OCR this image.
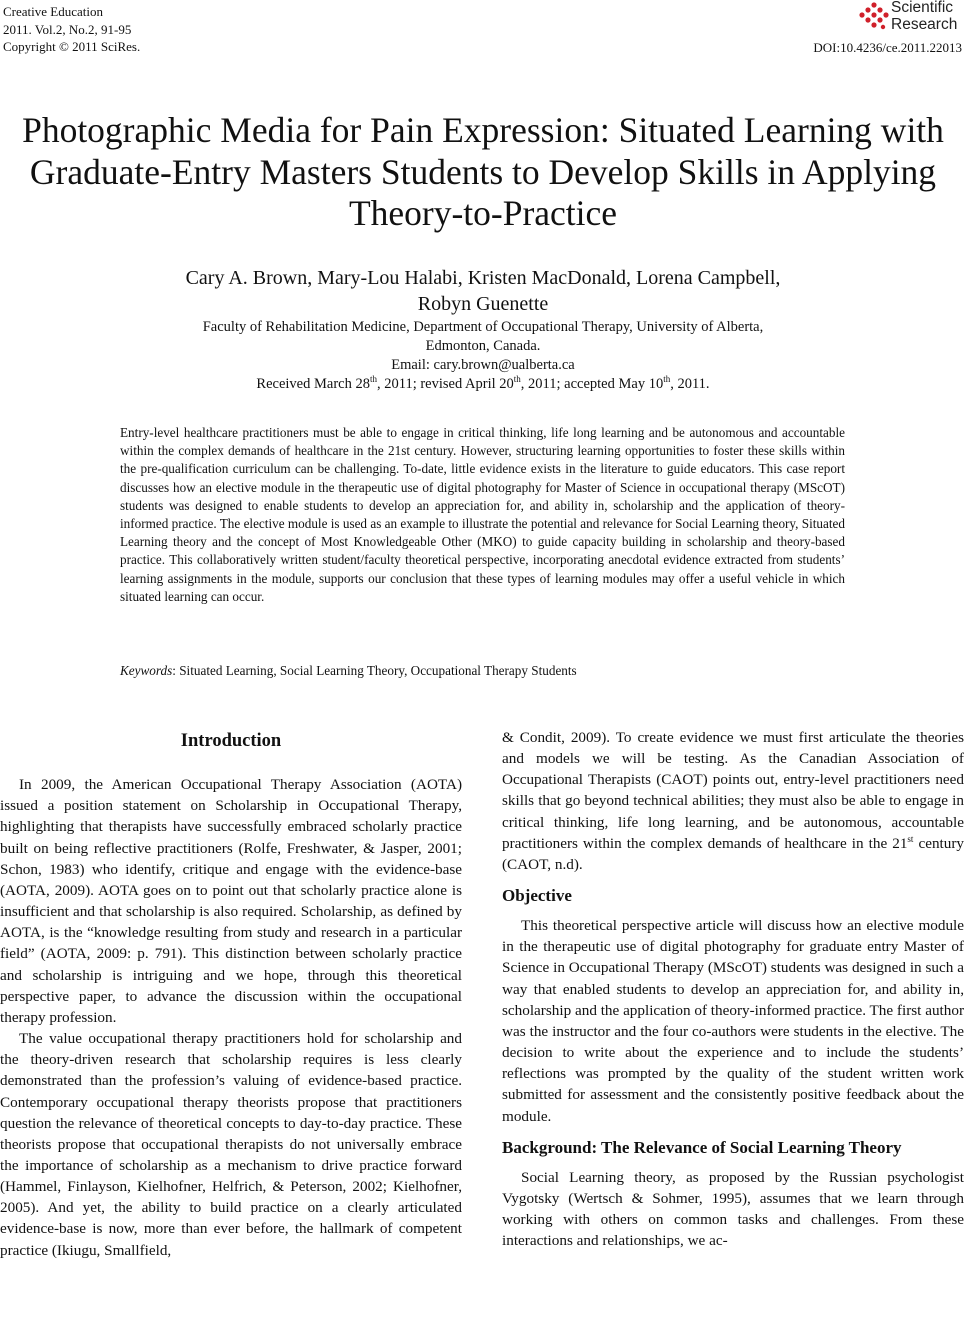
Creative Education
2011. Vol.2, No.2, 91-95
Copyright © 2011 SciRes.
Scientific
Research
DOI:10.4236/ce.2011.22013
Photographic Media for Pain Expression: Situated Learning with
Graduate-Entry Masters Students to Develop Skills in Applying
Theory-to-Practice
Cary A. Brown, Mary-Lou Halabi, Kristen MacDonald, Lorena Campbell,
Robyn Guenette
Faculty of Rehabilitation Medicine, Department of Occupational Therapy, University of Alberta,
Edmonton, Canada.
Email: cary.brown@ualberta.ca
Received March 28th, 2011; revised April 20th, 2011; accepted May 10th, 2011.

Entry-level healthcare practitioners must be able to engage in critical thinking, life long learning and be autonomous and accountable within the complex demands of healthcare in the 21st century. However, structuring learning opportunities to foster these skills within the pre-qualification curriculum can be challenging. To-date, little evidence exists in the literature to guide educators. This case report discusses how an elective module in the therapeutic use of digital photography for Master of Science in occupational therapy (MScOT) students was designed to enable students to develop an appreciation for, and ability in, scholarship and the application of theory-informed practice. The elective module is used as an example to illustrate the potential and relevance for Social Learning theory, Situated Learning theory and the concept of Most Knowledgeable Other (MKO) to guide capacity building in scholarship and theory-based practice. This collaboratively written student/faculty theoretical perspective, incorporating anecdotal evidence extracted from students’ learning assignments in the module, supports our conclusion that these types of learning modules may offer a useful vehicle in which situated learning can occur.

Keywords: Situated Learning, Social Learning Theory, Occupational Therapy Students
Introduction

In 2009, the American Occupational Therapy Association (AOTA) issued a position statement on Scholarship in Occupational Therapy, highlighting that therapists have successfully embraced scholarly practice built on being reflective practitioners (Rolfe, Freshwater, & Jasper, 2001; Schon, 1983) who identify, critique and engage with the evidence-base (AOTA, 2009). AOTA goes on to point out that scholarly practice alone is insufficient and that scholarship is also required. Scholarship, as defined by AOTA, is the “knowledge resulting from study and research in a particular field” (AOTA, 2009: p. 791). This distinction between scholarly practice and scholarship is intriguing and we hope, through this theoretical perspective paper, to advance the discussion within the occupational therapy profession.

The value occupational therapy practitioners hold for scholarship and the theory-driven research that scholarship requires is less clearly demonstrated than the profession’s valuing of evidence-based practice. Contemporary occupational therapy theorists propose that practitioners question the relevance of theoretical concepts to day-to-day practice. These theorists propose that occupational therapists do not universally embrace the importance of scholarship as a mechanism to drive practice forward (Hammel, Finlayson, Kielhofner, Helfrich, & Peterson, 2002; Kielhofner, 2005). And yet, the ability to build practice on a clearly articulated evidence-base is now, more than ever before, the hallmark of competent practice (Ikiugu, Smallfield,

& Condit, 2009). To create evidence we must first articulate the theories and models we will be testing. As the Canadian Association of Occupational Therapists (CAOT) points out, entry-level practitioners need skills that go beyond technical abilities; they must also be able to engage in critical thinking, life long learning, and be autonomous, accountable practitioners within the complex demands of healthcare in the 21st century (CAOT, n.d).

Objective

This theoretical perspective article will discuss how an elective module in the therapeutic use of digital photography for graduate entry Master of Science in Occupational Therapy (MScOT) students was designed in such a way that enabled students to develop an appreciation for, and ability in, scholarship and the application of theory-informed practice. The first author was the instructor and the four co-authors were students in the elective. The decision to write about the experience and to include the students’ reflections was prompted by the quality of the student written work submitted for assessment and the consistently positive feedback about the module.

Background: The Relevance of Social Learning Theory

Social Learning theory, as proposed by the Russian psychologist Vygotsky (Wertsch & Sohmer, 1995), assumes that we learn through working with others on common tasks and challenges. From these interactions and relationships, we ac-
